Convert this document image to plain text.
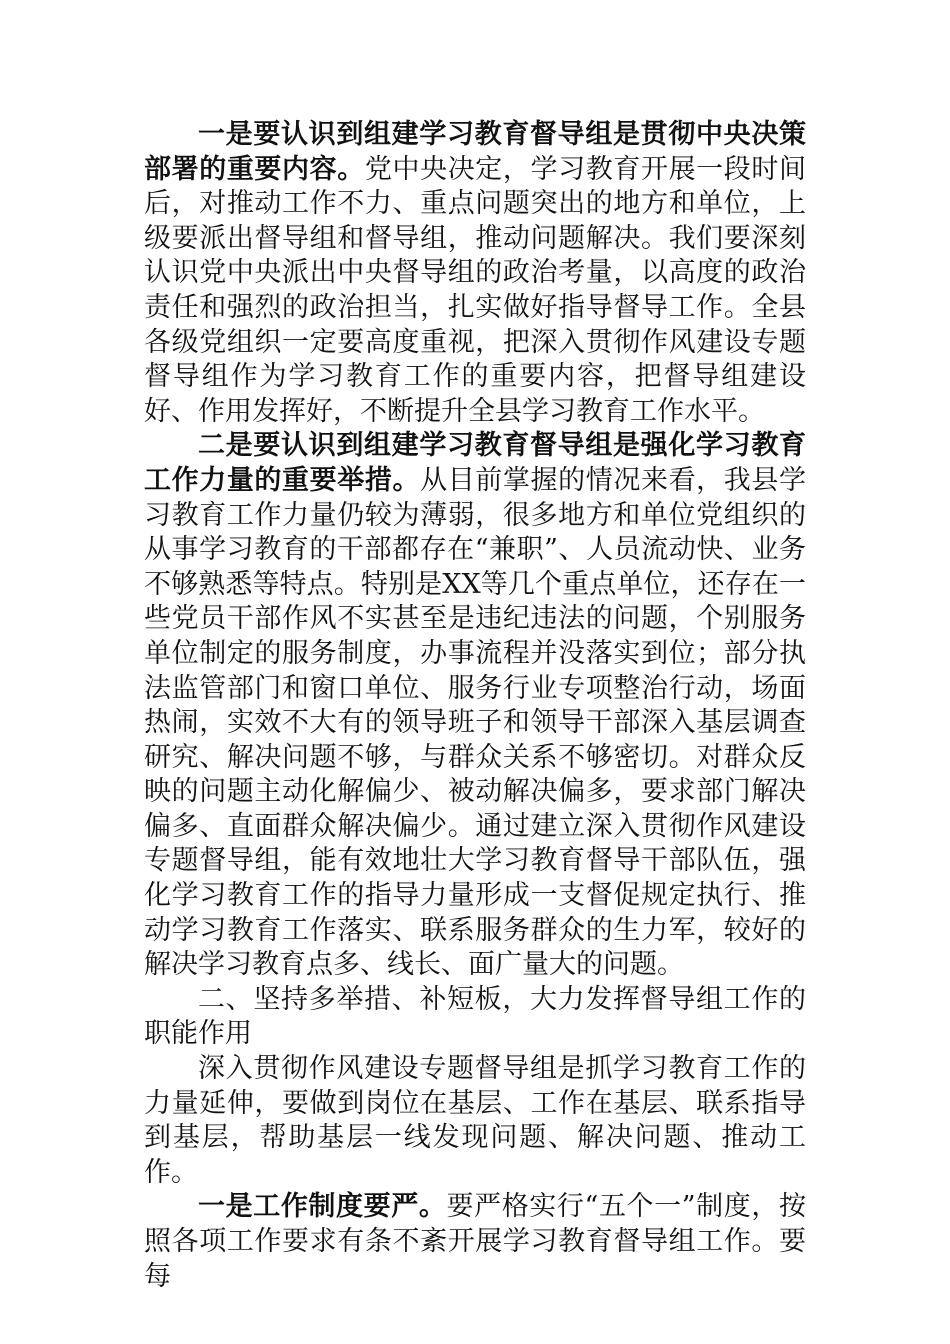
一是要认识到组建学习教育督导组是贯彻中央决策部署的重要内容。党中央决定，学习教育开展一段时间后，对推动工作不力、重点问题突出的地方和单位，上级要派出督导组和督导组，推动问题解决。我们要深刻认识党中央派出中央督导组的政治考量，以高度的政治责任和强烈的政治担当，扎实做好指导督导工作。全县各级党组织一定要高度重视，把深入贯彻作风建设专题督导组作为学习教育工作的重要内容，把督导组建设好、作用发挥好，不断提升全县学习教育工作水平。

二是要认识到组建学习教育督导组是强化学习教育工作力量的重要举措。从目前掌握的情况来看，我县学习教育工作力量仍较为薄弱，很多地方和单位党组织的从事学习教育的干部都存在“兼职”、人员流动快、业务不够熟悉等特点。特别是XX等几个重点单位，还存在一些党员干部作风不实甚至是违纪违法的问题，个别服务单位制定的服务制度，办事流程并没落实到位；部分执法监管部门和窗口单位、服务行业专项整治行动，场面热闹，实效不大有的领导班子和领导干部深入基层调查研究、解决问题不够，与群众关系不够密切。对群众反映的问题主动化解偏少、被动解决偏多，要求部门解决偏多、直面群众解决偏少。通过建立深入贯彻作风建设专题督导组，能有效地壮大学习教育督导干部队伍，强化学习教育工作的指导力量形成一支督促规定执行、推动学习教育工作落实、联系服务群众的生力军，较好的解决学习教育点多、线长、面广量大的问题。

二、坚持多举措、补短板，大力发挥督导组工作的职能作用

深入贯彻作风建设专题督导组是抓学习教育工作的力量延伸，要做到岗位在基层、工作在基层、联系指导到基层，帮助基层一线发现问题、解决问题、推动工作。

一是工作制度要严。要严格实行“五个一”制度，按照各项工作要求有条不紊开展学习教育督导组工作。要每
